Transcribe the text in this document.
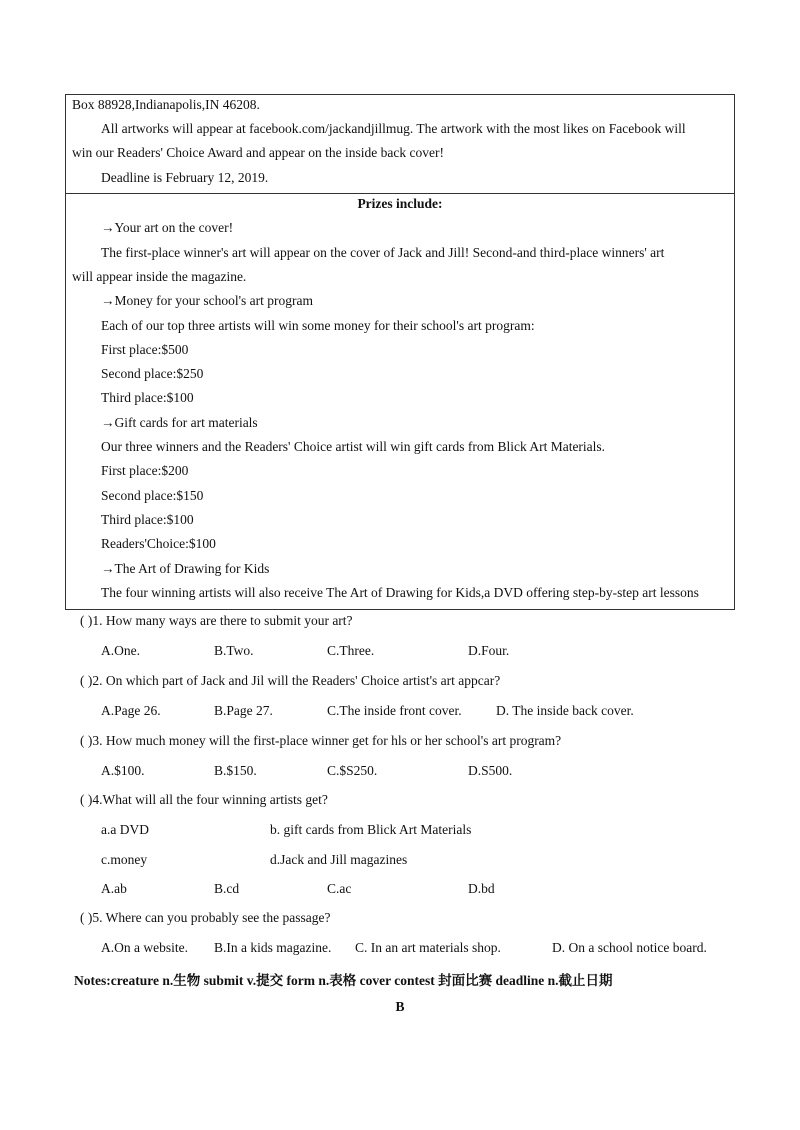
Box 88928,Indianapolis,IN 46208.
All artworks will appear at facebook.com/jackandjillmug. The artwork with the most likes on Facebook will
win our Readers' Choice Award and appear on the inside back cover!
Deadline is February 12, 2019.
Prizes include:
→Your art on the cover!
The first-place winner's art will appear on the cover of Jack and Jill! Second-and third-place winners' art
will appear inside the magazine.
→Money for your school's art program
Each of our top three artists will win some money for their school's art program:
First place:$500
Second place:$250
Third place:$100
→Gift cards for art materials
Our three winners and the Readers' Choice artist will win gift cards from Blick Art Materials.
First place:$200
Second place:$150
Third place:$100
Readers'Choice:$100
→The Art of Drawing for Kids
The four winning artists will also receive The Art of Drawing for Kids,a DVD offering step-by-step art lessons
( )1. How many ways are there to submit your art?
A.One.	B.Two.	C.Three.	D.Four.
( )2. On which part of Jack and Jil will the Readers' Choice artist's art appcar?
A.Page 26.	B.Page 27.	C.The inside front cover.	D. The inside back cover.
( )3. How much money will the first-place winner get for hls or her school's art program?
A.$100.	B.$150.	C.$S250.	D.S500.
( )4.What will all the four winning artists get?
a.a DVD	b. gift cards from Blick Art Materials
c.money	d.Jack and Jill magazines
A.ab	B.cd	C.ac	D.bd
( )5. Where can you probably see the passage?
A.On a website. B.In a kids magazine. C. In an art materials shop.	D. On a school notice board.
Notes:creature n.生物 submit v.提交 form n.表格 cover contest 封面比赛 deadline n.截止日期
B
